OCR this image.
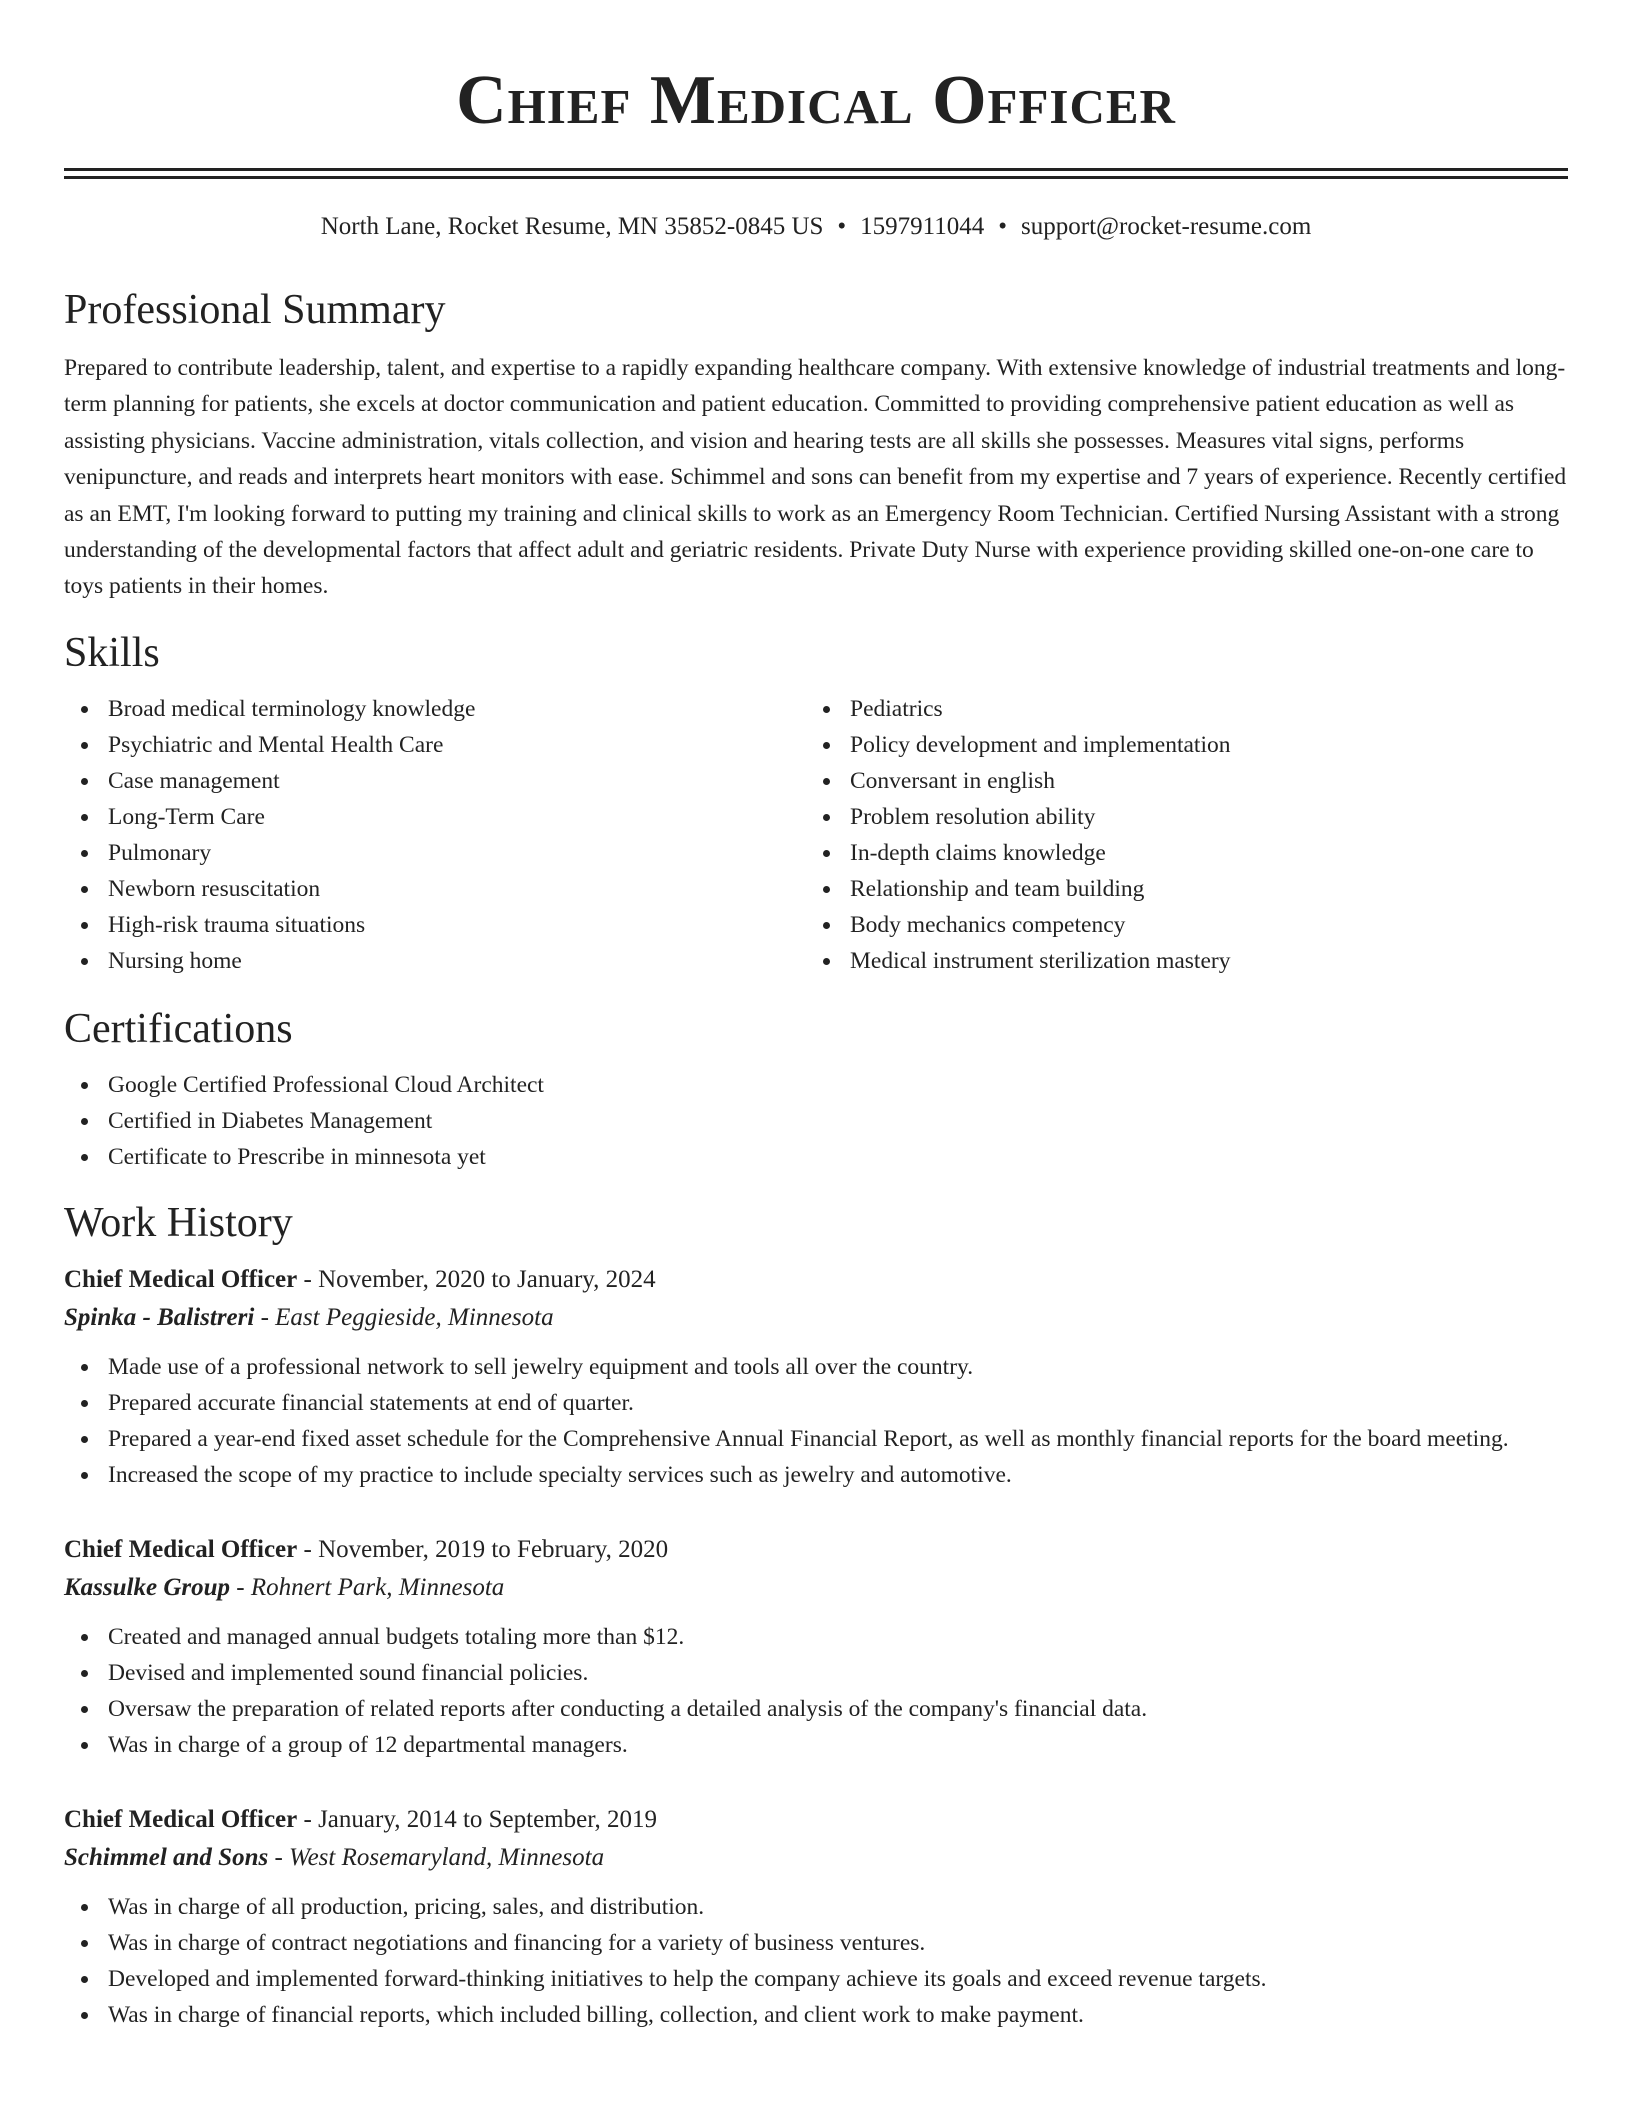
Chief Medical Officer
North Lane, Rocket Resume, MN 35852-0845 US • 1597911044 • support@rocket-resume.com
Professional Summary

Prepared to contribute leadership, talent, and expertise to a rapidly expanding healthcare company. With extensive knowledge of industrial treatments and long-term planning for patients, she excels at doctor communication and patient education. Committed to providing comprehensive patient education as well as assisting physicians. Vaccine administration, vitals collection, and vision and hearing tests are all skills she possesses. Measures vital signs, performs venipuncture, and reads and interprets heart monitors with ease. Schimmel and sons can benefit from my expertise and 7 years of experience. Recently certified as an EMT, I'm looking forward to putting my training and clinical skills to work as an Emergency Room Technician. Certified Nursing Assistant with a strong understanding of the developmental factors that affect adult and geriatric residents. Private Duty Nurse with experience providing skilled one-on-one care to toys patients in their homes.

Skills
Broad medical terminology knowledge
Psychiatric and Mental Health Care
Case management
Long-Term Care
Pulmonary
Newborn resuscitation
High-risk trauma situations
Nursing home
Pediatrics
Policy development and implementation
Conversant in english
Problem resolution ability
In-depth claims knowledge
Relationship and team building
Body mechanics competency
Medical instrument sterilization mastery
Certifications
Google Certified Professional Cloud Architect
Certified in Diabetes Management
Certificate to Prescribe in minnesota yet
Work History
Chief Medical Officer - November, 2020 to January, 2024
Spinka - Balistreri - East Peggieside, Minnesota
Made use of a professional network to sell jewelry equipment and tools all over the country.
Prepared accurate financial statements at end of quarter.
Prepared a year-end fixed asset schedule for the Comprehensive Annual Financial Report, as well as monthly financial reports for the board meeting.
Increased the scope of my practice to include specialty services such as jewelry and automotive.
Chief Medical Officer - November, 2019 to February, 2020
Kassulke Group - Rohnert Park, Minnesota
Created and managed annual budgets totaling more than $12.
Devised and implemented sound financial policies.
Oversaw the preparation of related reports after conducting a detailed analysis of the company's financial data.
Was in charge of a group of 12 departmental managers.
Chief Medical Officer - January, 2014 to September, 2019
Schimmel and Sons - West Rosemaryland, Minnesota
Was in charge of all production, pricing, sales, and distribution.
Was in charge of contract negotiations and financing for a variety of business ventures.
Developed and implemented forward-thinking initiatives to help the company achieve its goals and exceed revenue targets.
Was in charge of financial reports, which included billing, collection, and client work to make payment.
